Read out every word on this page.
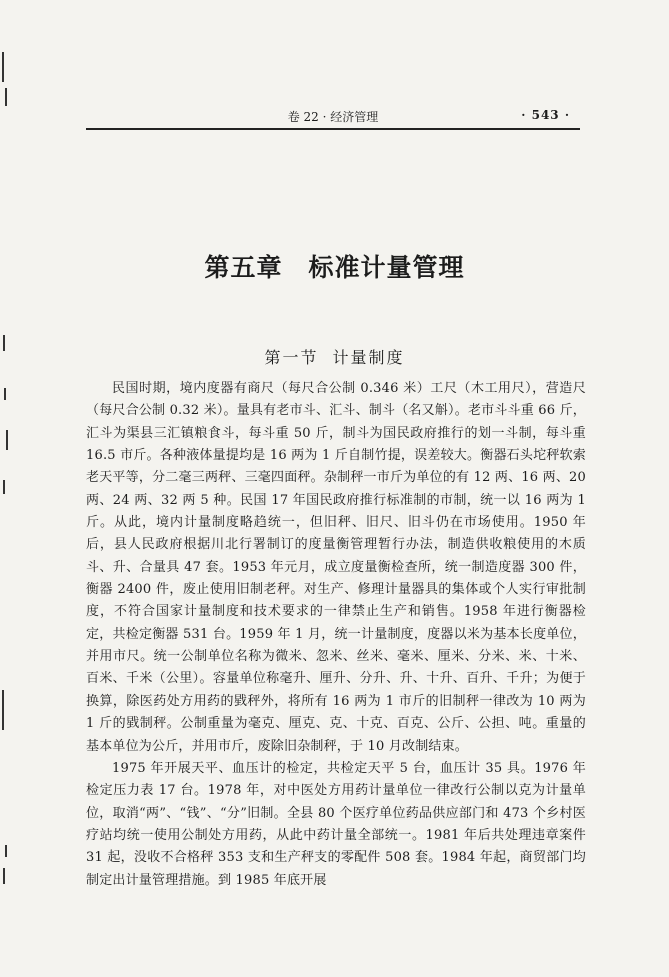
卷 22 · 经济管理	· 543 ·
第五章 标准计量管理
第一节 计量制度

民国时期，境内度器有商尺（每尺合公制 0.346 米）工尺（木工用尺），营造尺（每尺合公制 0.32 米）。量具有老市斗、汇斗、制斗（名又斛）。老市斗斗重 66 斤，汇斗为渠县三汇镇粮食斗，每斗重 50 斤，制斗为国民政府推行的划一斗制，每斗重 16.5 市斤。各种液体量提均是 16 两为 1 斤自制竹提，误差较大。衡器石头坨秤软索老天平等，分二毫三两秤、三毫四面秤。杂制秤一市斤为单位的有 12 两、16 两、20 两、24 两、32 两 5 种。民国 17 年国民政府推行标准制的市制，统一以 16 两为 1 斤。从此，境内计量制度略趋统一，但旧秤、旧尺、旧斗仍在市场使用。1950 年后，县人民政府根据川北行署制订的度量衡管理暂行办法，制造供收粮使用的木质斗、升、合量具 47 套。1953 年元月，成立度量衡检查所，统一制造度器 300 件，衡器 2400 件，废止使用旧制老秤。对生产、修理计量器具的集体或个人实行审批制度，不符合国家计量制度和技术要求的一律禁止生产和销售。1958 年进行衡器检定，共检定衡器 531 台。1959 年 1 月，统一计量制度，度器以米为基本长度单位，并用市尺。统一公制单位名称为微米、忽米、丝米、毫米、厘米、分米、米、十米、百米、千米（公里）。容量单位称毫升、厘升、分升、升、十升、百升、千升；为便于换算，除医药处方用药的戥秤外，将所有 16 两为 1 市斤的旧制秤一律改为 10 两为 1 斤的戥制秤。公制重量为毫克、厘克、克、十克、百克、公斤、公担、吨。重量的基本单位为公斤，并用市斤，废除旧杂制秤，于 10 月改制结束。

1975 年开展天平、血压计的检定，共检定天平 5 台，血压计 35 具。1976 年检定压力表 17 台。1978 年，对中医处方用药计量单位一律改行公制以克为计量单位，取消“两”、“钱”、“分”旧制。全县 80 个医疗单位药品供应部门和 473 个乡村医疗站均统一使用公制处方用药，从此中药计量全部统一。1981 年后共处理违章案件 31 起，没收不合格秤 353 支和生产秤支的零配件 508 套。1984 年起，商贸部门均制定出计量管理措施。到 1985 年底开展
